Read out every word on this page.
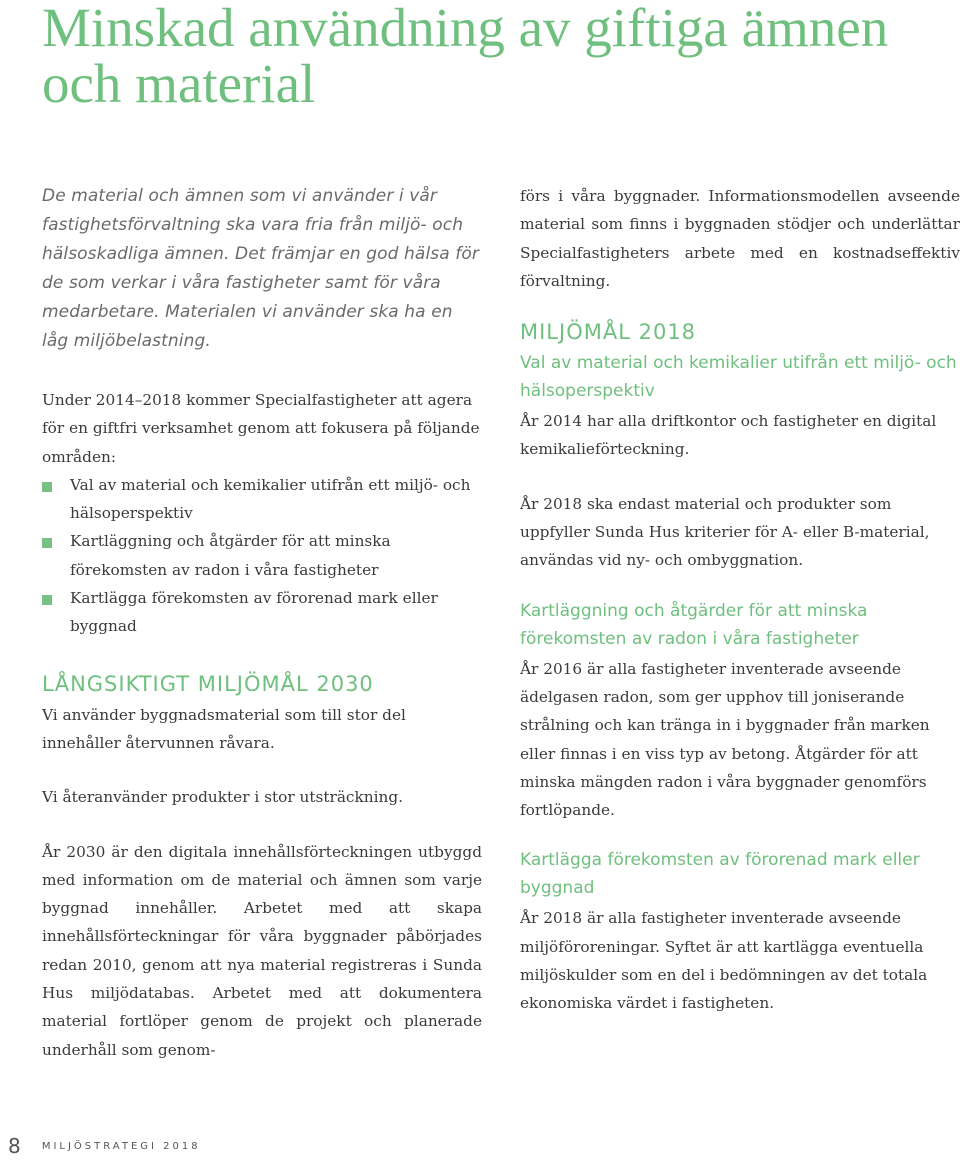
Minskad användning av giftiga ämnen och material

De material och ämnen som vi använder i vår fastighetsförvaltning ska vara fria från miljö- och hälsoskadliga ämnen. Det främjar en god hälsa för de som verkar i våra fastigheter samt för våra medarbetare. Materialen vi använder ska ha en låg miljöbelastning.

Under 2014–2018 kommer Specialfastigheter att agera för en giftfri verksamhet genom att fokusera på följande områden:

Val av material och kemikalier utifrån ett miljö- och hälsoperspektiv
Kartläggning och åtgärder för att minska förekomsten av radon i våra fastigheter
Kartlägga förekomsten av förorenad mark eller byggnad
LÅNGSIKTIGT MILJÖMÅL 2030

Vi använder byggnadsmaterial som till stor del innehåller återvunnen råvara.

Vi återanvänder produkter i stor utsträckning.

År 2030 är den digitala innehållsförteckningen utbyggd med information om de material och ämnen som varje byggnad innehåller. Arbetet med att skapa innehållsförteckningar för våra byggnader påbörjades redan 2010, genom att nya material registreras i Sunda Hus miljödatabas. Arbetet med att dokumentera material fortlöper genom de projekt och planerade underhåll som genom-

förs i våra byggnader. Informationsmodellen avseende material som finns i byggnaden stödjer och underlättar Specialfastigheters arbete med en kostnadseffektiv förvaltning.

MILJÖMÅL 2018
Val av material och kemikalier utifrån ett miljö- och hälsoperspektiv

År 2014 har alla driftkontor och fastigheter en digital kemikalieförteckning.

År 2018 ska endast material och produkter som uppfyller Sunda Hus kriterier för A- eller B-material, användas vid ny- och ombyggnation.

Kartläggning och åtgärder för att minska förekomsten av radon i våra fastigheter

År 2016 är alla fastigheter inventerade avseende ädelgasen radon, som ger upphov till joniserande strålning och kan tränga in i byggnader från marken eller finnas i en viss typ av betong. Åtgärder för att minska mängden radon i våra byggnader genomförs fortlöpande.

Kartlägga förekomsten av förorenad mark eller byggnad

År 2018 är alla fastigheter inventerade avseende miljöföroreningar. Syftet är att kartlägga eventuella miljöskulder som en del i bedömningen av det totala ekonomiska värdet i fastigheten.

8 MILJÖSTRATEGI 2018
